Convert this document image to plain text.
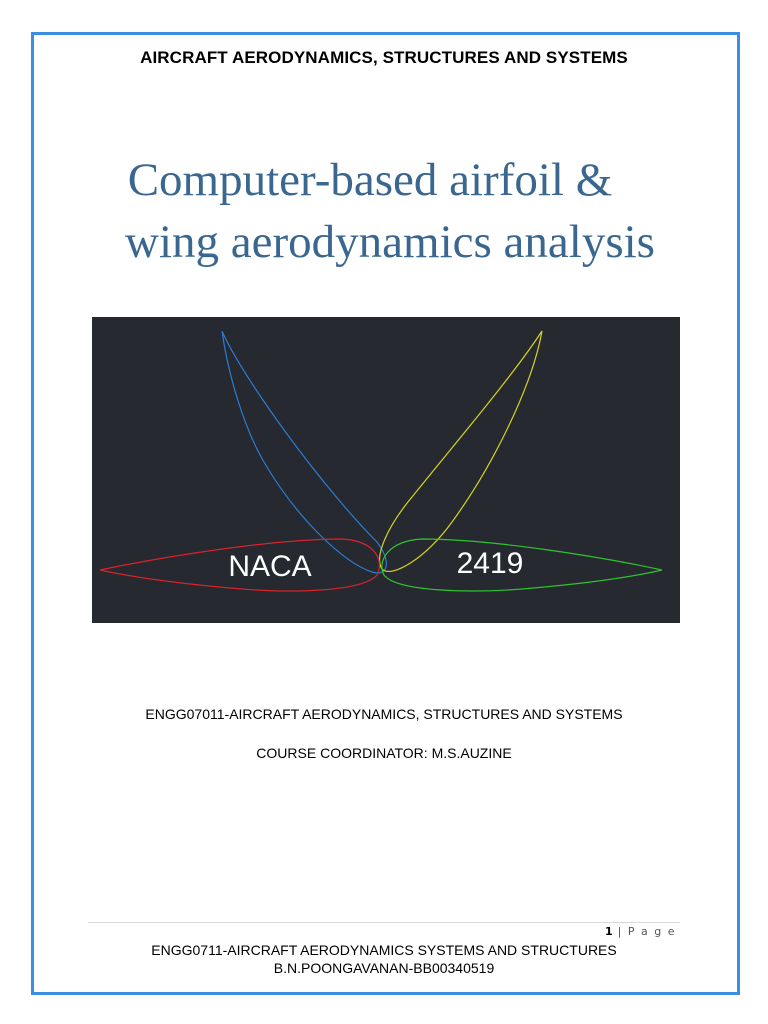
AIRCRAFT AERODYNAMICS, STRUCTURES AND SYSTEMS
Computer-based airfoil &
wing aerodynamics analysis
NACA	2419
ENGG07011-AIRCRAFT AERODYNAMICS, STRUCTURES AND SYSTEMS
COURSE COORDINATOR: M.S.AUZINE
1 | P a g e
ENGG0711-AIRCRAFT AERODYNAMICS SYSTEMS AND STRUCTURES
B.N.POONGAVANAN-BB00340519
